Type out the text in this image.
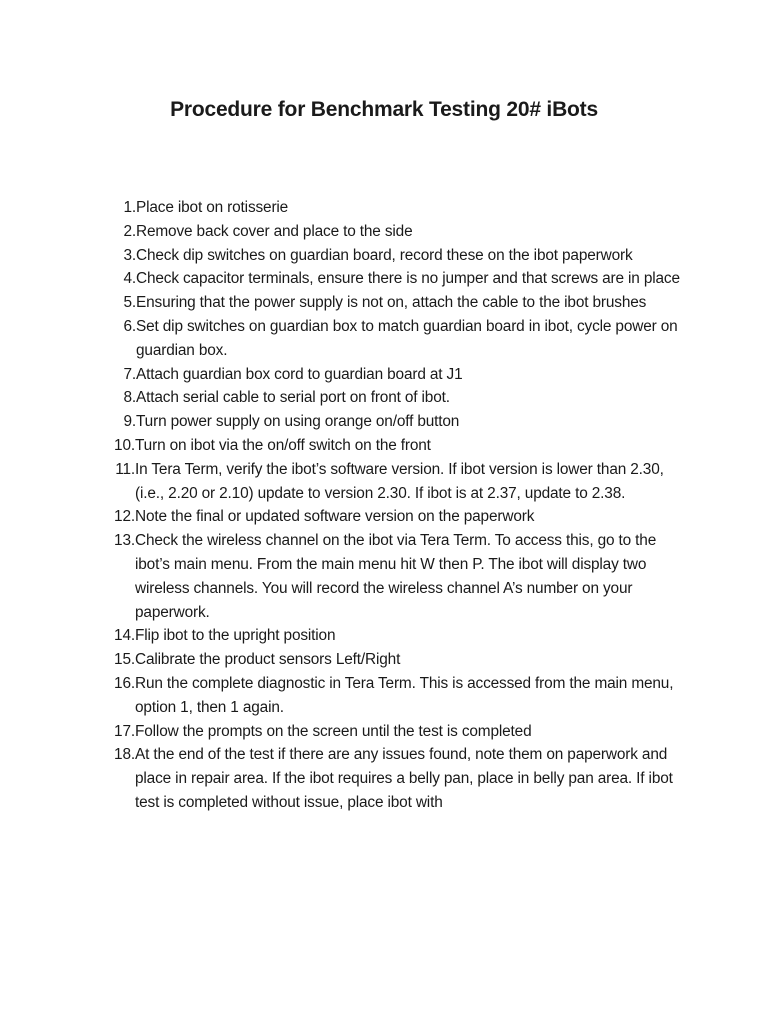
Procedure for Benchmark Testing 20# iBots
1. Place ibot on rotisserie
2. Remove back cover and place to the side
3. Check dip switches on guardian board, record these on the ibot paperwork
4. Check capacitor terminals, ensure there is no jumper and that screws are in place
5. Ensuring that the power supply is not on, attach the cable to the ibot brushes
6. Set dip switches on guardian box to match guardian board in ibot, cycle power on guardian box.
7. Attach guardian box cord to guardian board at J1
8. Attach serial cable to serial port on front of ibot.
9. Turn power supply on using orange on/off button
10. Turn on ibot via the on/off switch on the front
11. In Tera Term, verify the ibot’s software version. If ibot version is lower than 2.30, (i.e., 2.20 or 2.10) update to version 2.30. If ibot is at 2.37, update to 2.38.
12. Note the final or updated software version on the paperwork
13. Check the wireless channel on the ibot via Tera Term. To access this, go to the ibot’s main menu. From the main menu hit W then P. The ibot will display two wireless channels. You will record the wireless channel A’s number on your paperwork.
14. Flip ibot to the upright position
15. Calibrate the product sensors Left/Right
16. Run the complete diagnostic in Tera Term. This is accessed from the main menu, option 1, then 1 again.
17. Follow the prompts on the screen until the test is completed
18. At the end of the test if there are any issues found, note them on paperwork and place in repair area. If the ibot requires a belly pan, place in belly pan area. If ibot test is completed without issue, place ibot with
